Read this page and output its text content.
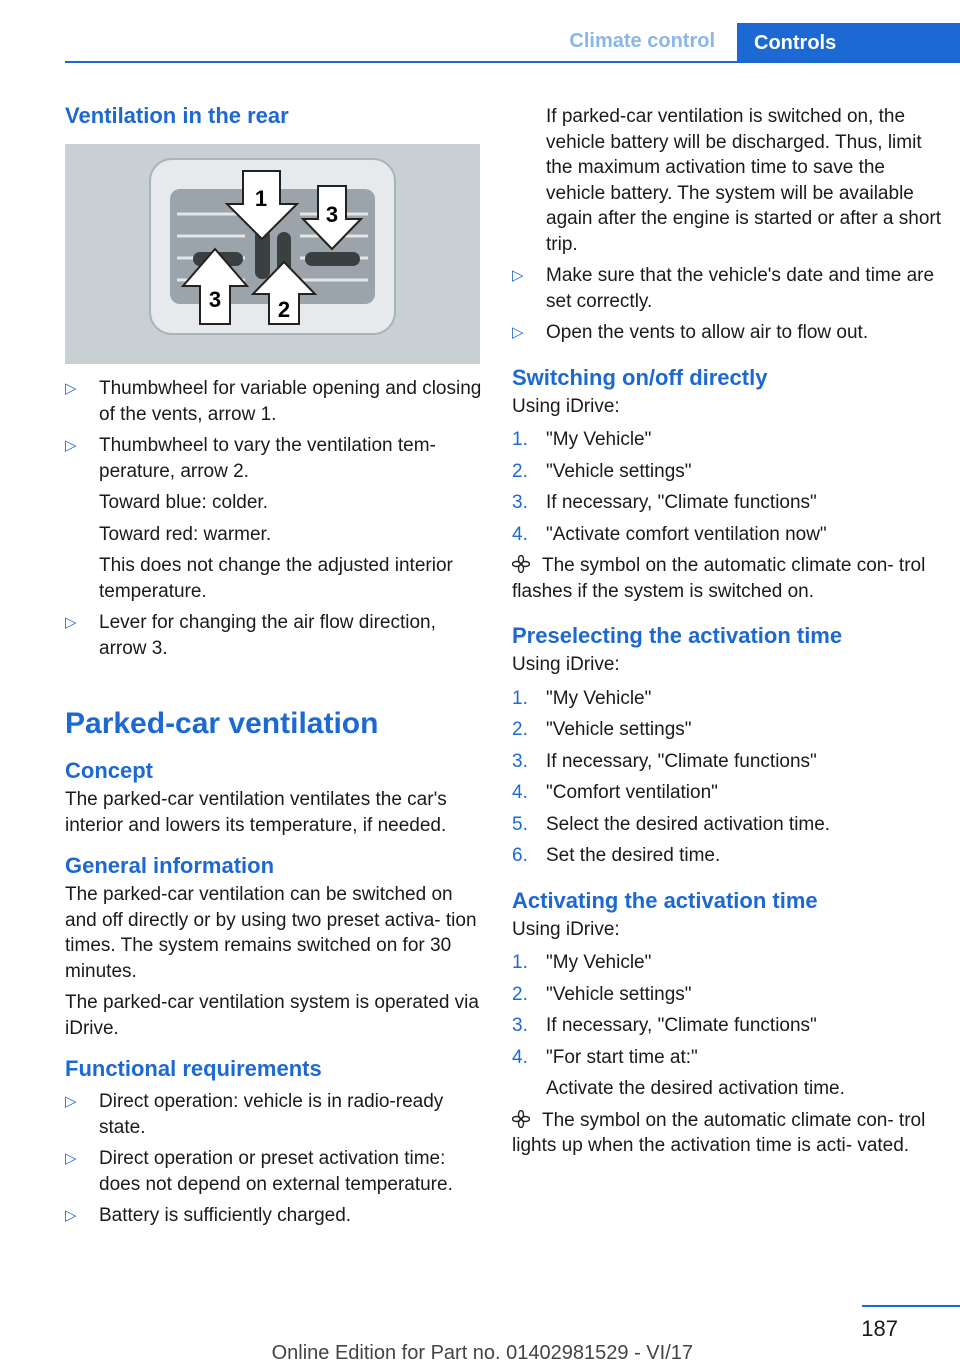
Climate control	Controls
Ventilation in the rear
1
3
3	2
▷ Thumbwheel for variable opening and closing of the vents, arrow 1.
▷ Thumbwheel to vary the ventilation tem‐ perature, arrow 2.
Toward blue: colder.
Toward red: warmer.
This does not change the adjusted interior temperature.
▷ Lever for changing the air flow direction, arrow 3.
Parked-car ventilation
Concept

The parked-car ventilation ventilates the car's interior and lowers its temperature, if needed.

General information

The parked-car ventilation can be switched on and off directly or by using two preset activa‐ tion times. The system remains switched on for 30 minutes.

The parked-car ventilation system is operated via iDrive.

Functional requirements
▷ Direct operation: vehicle is in radio-ready state.
▷ Direct operation or preset activation time: does not depend on external temperature.
▷ Battery is sufficiently charged.
If parked-car ventilation is switched on, the vehicle battery will be discharged. Thus, limit the maximum activation time to save the vehicle battery. The system will be available again after the engine is started or after a short trip.
▷ Make sure that the vehicle's date and time are set correctly.
▷ Open the vents to allow air to flow out.
Switching on/off directly

Using iDrive:

1. "My Vehicle"
2. "Vehicle settings"
3. If necessary, "Climate functions"
4. "Activate comfort ventilation now"

The symbol on the automatic climate con‐ trol flashes if the system is switched on.

Preselecting the activation time

Using iDrive:

1. "My Vehicle"
2. "Vehicle settings"
3. If necessary, "Climate functions"
4. "Comfort ventilation"
5. Select the desired activation time.
6. Set the desired time.
Activating the activation time

Using iDrive:

1. "My Vehicle"
2. "Vehicle settings"
3. If necessary, "Climate functions"
4. "For start time at:"
Activate the desired activation time.

The symbol on the automatic climate con‐ trol lights up when the activation time is acti‐ vated.

187
Online Edition for Part no. 01402981529 - VI/17
